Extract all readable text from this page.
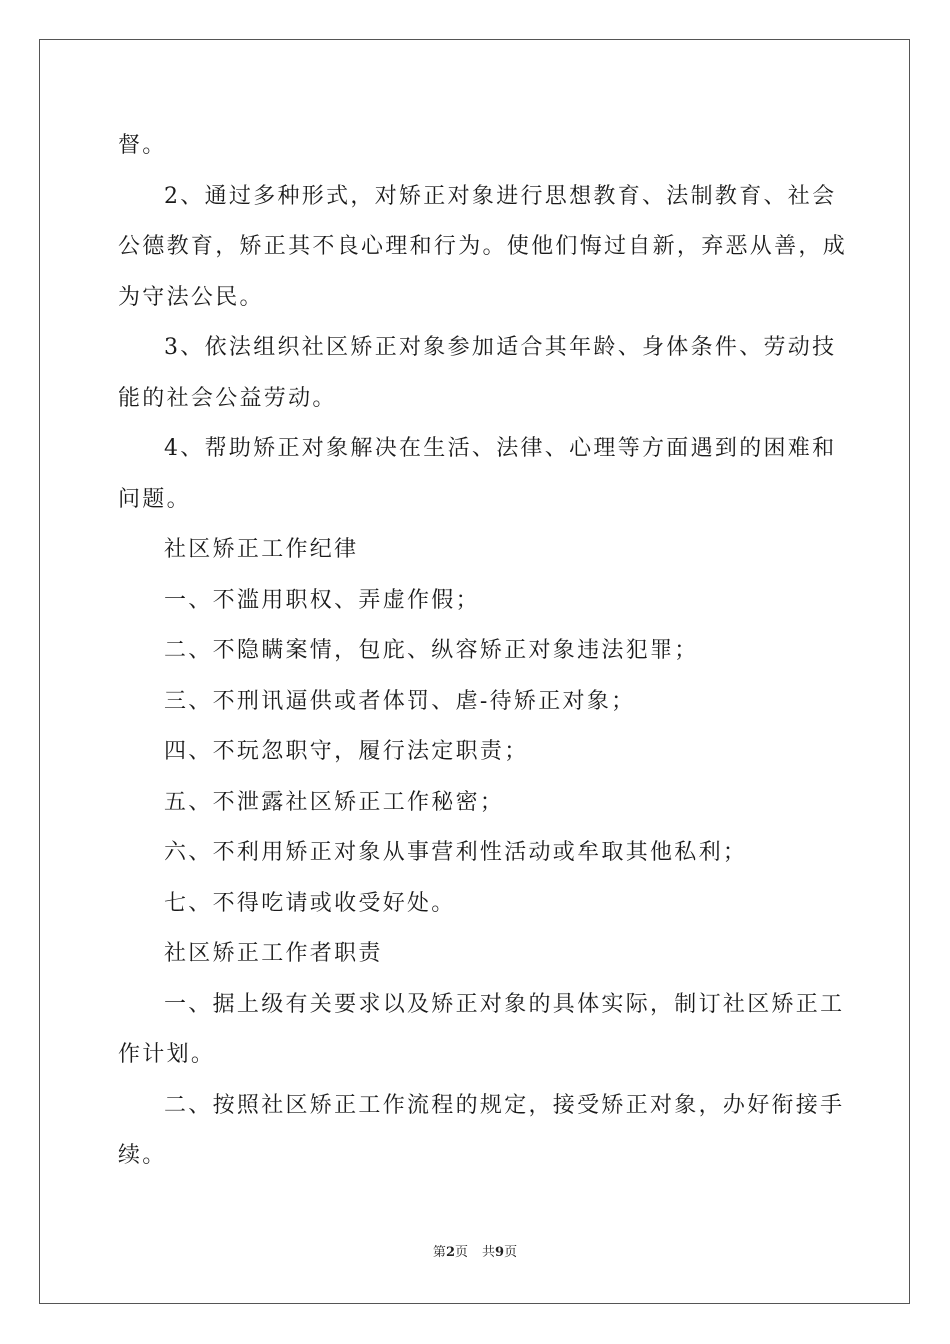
督。
2、通过多种形式，对矫正对象进行思想教育、法制教育、社会
公德教育，矫正其不良心理和行为。使他们悔过自新，弃恶从善，成
为守法公民。
3、依法组织社区矫正对象参加适合其年龄、身体条件、劳动技
能的社会公益劳动。
4、帮助矫正对象解决在生活、法律、心理等方面遇到的困难和
问题。
社区矫正工作纪律
一、不滥用职权、弄虚作假；
二、不隐瞒案情，包庇、纵容矫正对象违法犯罪；
三、不刑讯逼供或者体罚、虐-待矫正对象；
四、不玩忽职守，履行法定职责；
五、不泄露社区矫正工作秘密；
六、不利用矫正对象从事营利性活动或牟取其他私利；
七、不得吃请或收受好处。
社区矫正工作者职责
一、据上级有关要求以及矫正对象的具体实际，制订社区矫正工
作计划。
二、按照社区矫正工作流程的规定，接受矫正对象，办好衔接手
续。
第2页 共9页
